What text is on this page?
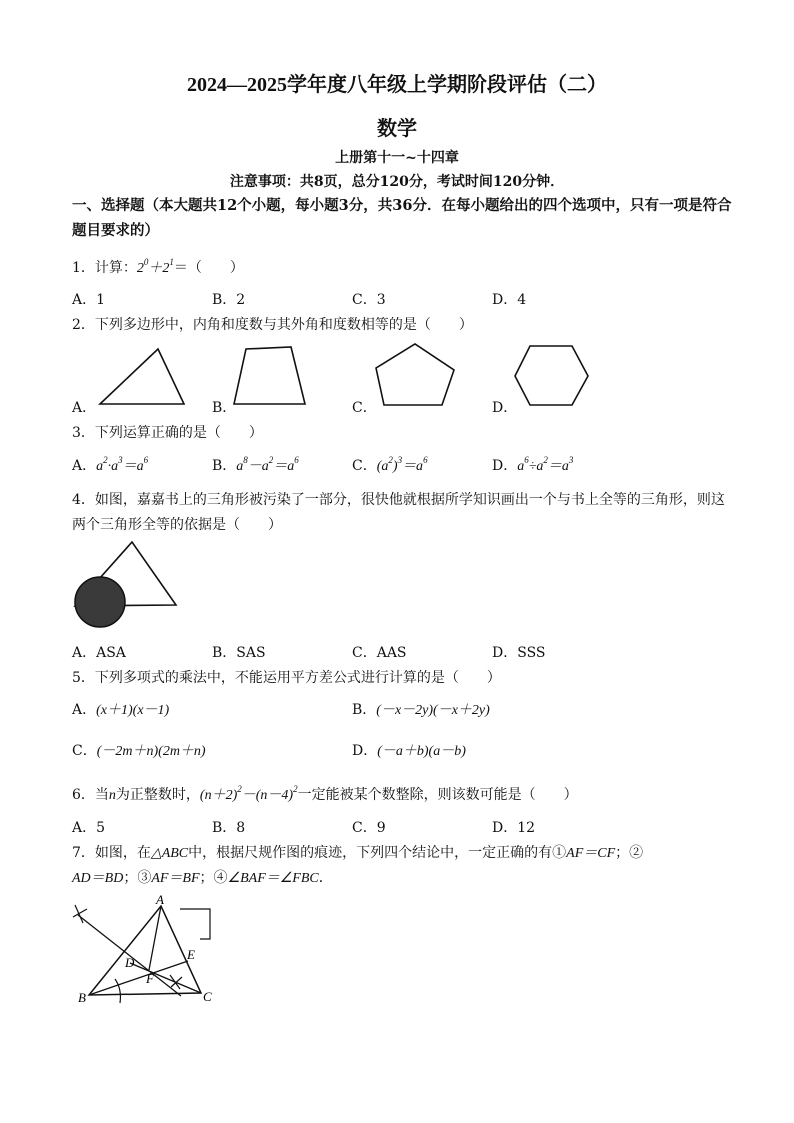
2024—2025学年度八年级上学期阶段评估（二）
数学
上册第十一~十四章
注意事项：共8页，总分120分，考试时间120分钟．
一、选择题（本大题共12个小题，每小题3分，共36分．在每小题给出的四个选项中，只有一项是符合题目要求的）
1．计算：$2^0+2^1=$（　　）
A．1	B．2	C．3	D．4
2．下列多边形中，内角和度数与其外角和度数相等的是（　　）
A．	B．	C．	D．
3．下列运算正确的是（　　）
A．$a^2\cdot a^3=a^6$	B．$a^8-a^2=a^6$	C．$(a^2)^3=a^6$	D．$a^6\div a^2=a^3$
4．如图，嘉嘉书上的三角形被污染了一部分，很快他就根据所学知识画出一个与书上全等的三角形，则这
两个三角形全等的依据是（　　）
A．ASA	B．SAS	C．AAS	D．SSS
5．下列多项式的乘法中，不能运用平方差公式进行计算的是（　　）
A．(x＋1)(x－1)	B．(－x－2y)(－x＋2y)
C．(－2m＋n)(2m＋n)	D．(－a＋b)(a－b)
6．当n为正整数时，$(n+2)^2-(n-4)^2$一定能被某个数整除，则该数可能是（　　）
A．5	B．8	C．9	D．12
7．如图，在△ABC中，根据尺规作图的痕迹，下列四个结论中，一定正确的有①AF＝CF；②
AD＝BD；③AF＝BF；④∠BAF＝∠FBC．
A
B	C
D
E
F
